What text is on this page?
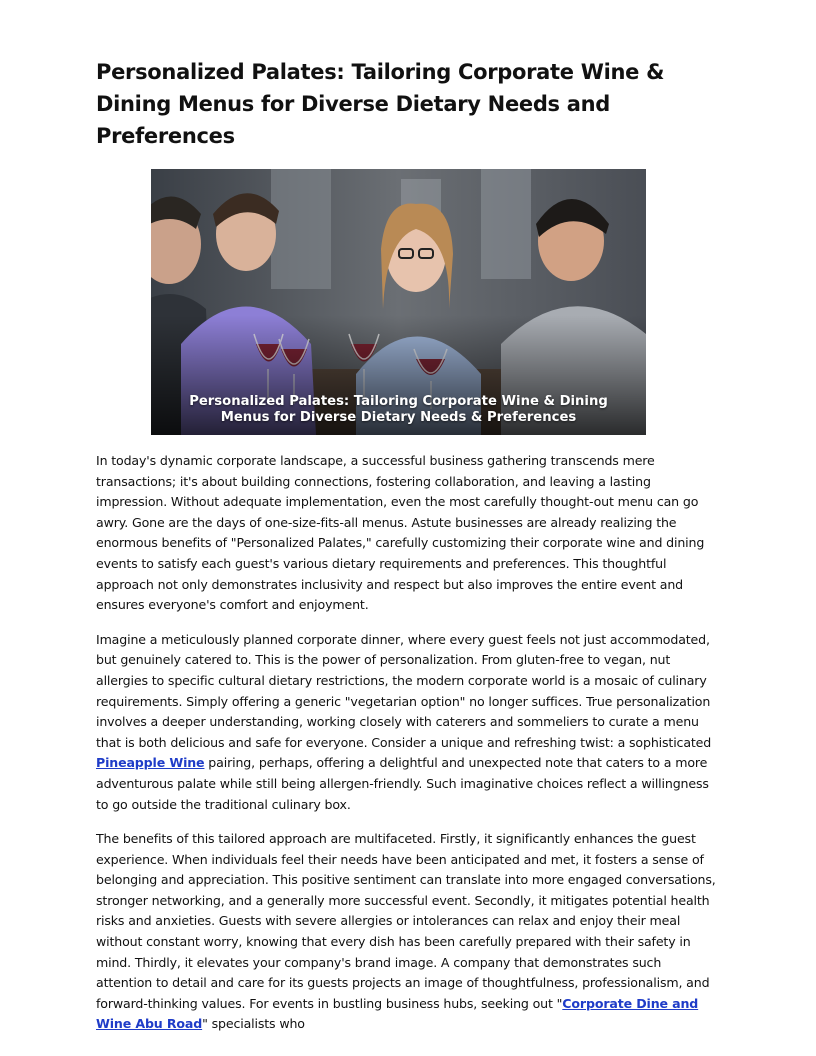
Personalized Palates: Tailoring Corporate Wine & Dining Menus for Diverse Dietary Needs and Preferences
Personalized Palates: Tailoring Corporate Wine & Dining
Menus for Diverse Dietary Needs & Preferences

In today's dynamic corporate landscape, a successful business gathering transcends mere transactions; it's about building connections, fostering collaboration, and leaving a lasting impression. Without adequate implementation, even the most carefully thought-out menu can go awry. Gone are the days of one-size-fits-all menus. Astute businesses are already realizing the enormous benefits of "Personalized Palates," carefully customizing their corporate wine and dining events to satisfy each guest's various dietary requirements and preferences. This thoughtful approach not only demonstrates inclusivity and respect but also improves the entire event and ensures everyone's comfort and enjoyment.

Imagine a meticulously planned corporate dinner, where every guest feels not just accommodated, but genuinely catered to. This is the power of personalization. From gluten-free to vegan, nut allergies to specific cultural dietary restrictions, the modern corporate world is a mosaic of culinary requirements. Simply offering a generic "vegetarian option" no longer suffices. True personalization involves a deeper understanding, working closely with caterers and sommeliers to curate a menu that is both delicious and safe for everyone. Consider a unique and refreshing twist: a sophisticated Pineapple Wine pairing, perhaps, offering a delightful and unexpected note that caters to a more adventurous palate while still being allergen-friendly. Such imaginative choices reflect a willingness to go outside the traditional culinary box.

The benefits of this tailored approach are multifaceted. Firstly, it significantly enhances the guest experience. When individuals feel their needs have been anticipated and met, it fosters a sense of belonging and appreciation. This positive sentiment can translate into more engaged conversations, stronger networking, and a generally more successful event. Secondly, it mitigates potential health risks and anxieties. Guests with severe allergies or intolerances can relax and enjoy their meal without constant worry, knowing that every dish has been carefully prepared with their safety in mind. Thirdly, it elevates your company's brand image. A company that demonstrates such attention to detail and care for its guests projects an image of thoughtfulness, professionalism, and forward-thinking values. For events in bustling business hubs, seeking out "Corporate Dine and Wine Abu Road" specialists who
